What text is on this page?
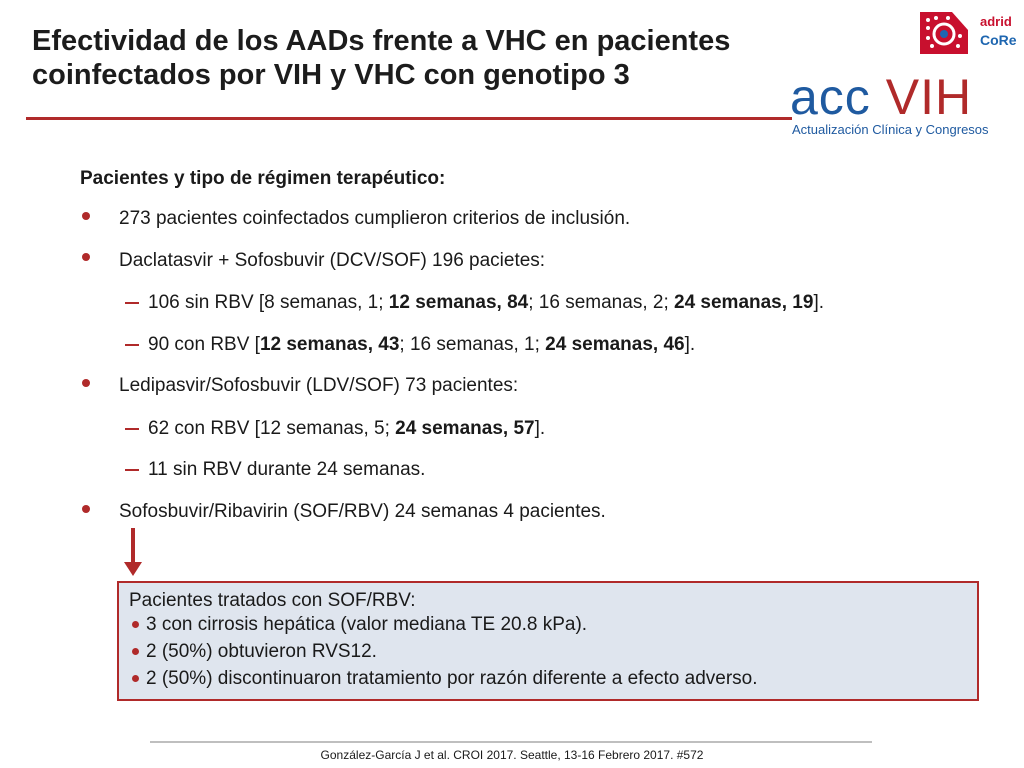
Efectividad de los AADs frente a VHC en pacientes
coinfectados por VIH y VHC con genotipo 3
adrid
CoRe
acc VIH
Actualización Clínica y Congresos
Pacientes y tipo de régimen terapéutico:
273 pacientes coinfectados cumplieron criterios de inclusión.
Daclatasvir + Sofosbuvir (DCV/SOF) 196 pacietes:
106 sin RBV [8 semanas, 1; 12 semanas, 84; 16 semanas, 2; 24 semanas, 19].
90 con RBV [12 semanas, 43; 16 semanas, 1; 24 semanas, 46].
Ledipasvir/Sofosbuvir (LDV/SOF) 73 pacientes:
62 con RBV [12 semanas, 5; 24 semanas, 57].
11 sin RBV durante 24 semanas.
Sofosbuvir/Ribavirin (SOF/RBV) 24 semanas 4 pacientes.
Pacientes tratados con SOF/RBV:
3 con cirrosis hepática (valor mediana TE 20.8 kPa).
2 (50%) obtuvieron RVS12.
2 (50%) discontinuaron tratamiento por razón diferente a efecto adverso.
González-García J et al. CROI 2017. Seattle, 13-16 Febrero 2017. #572
